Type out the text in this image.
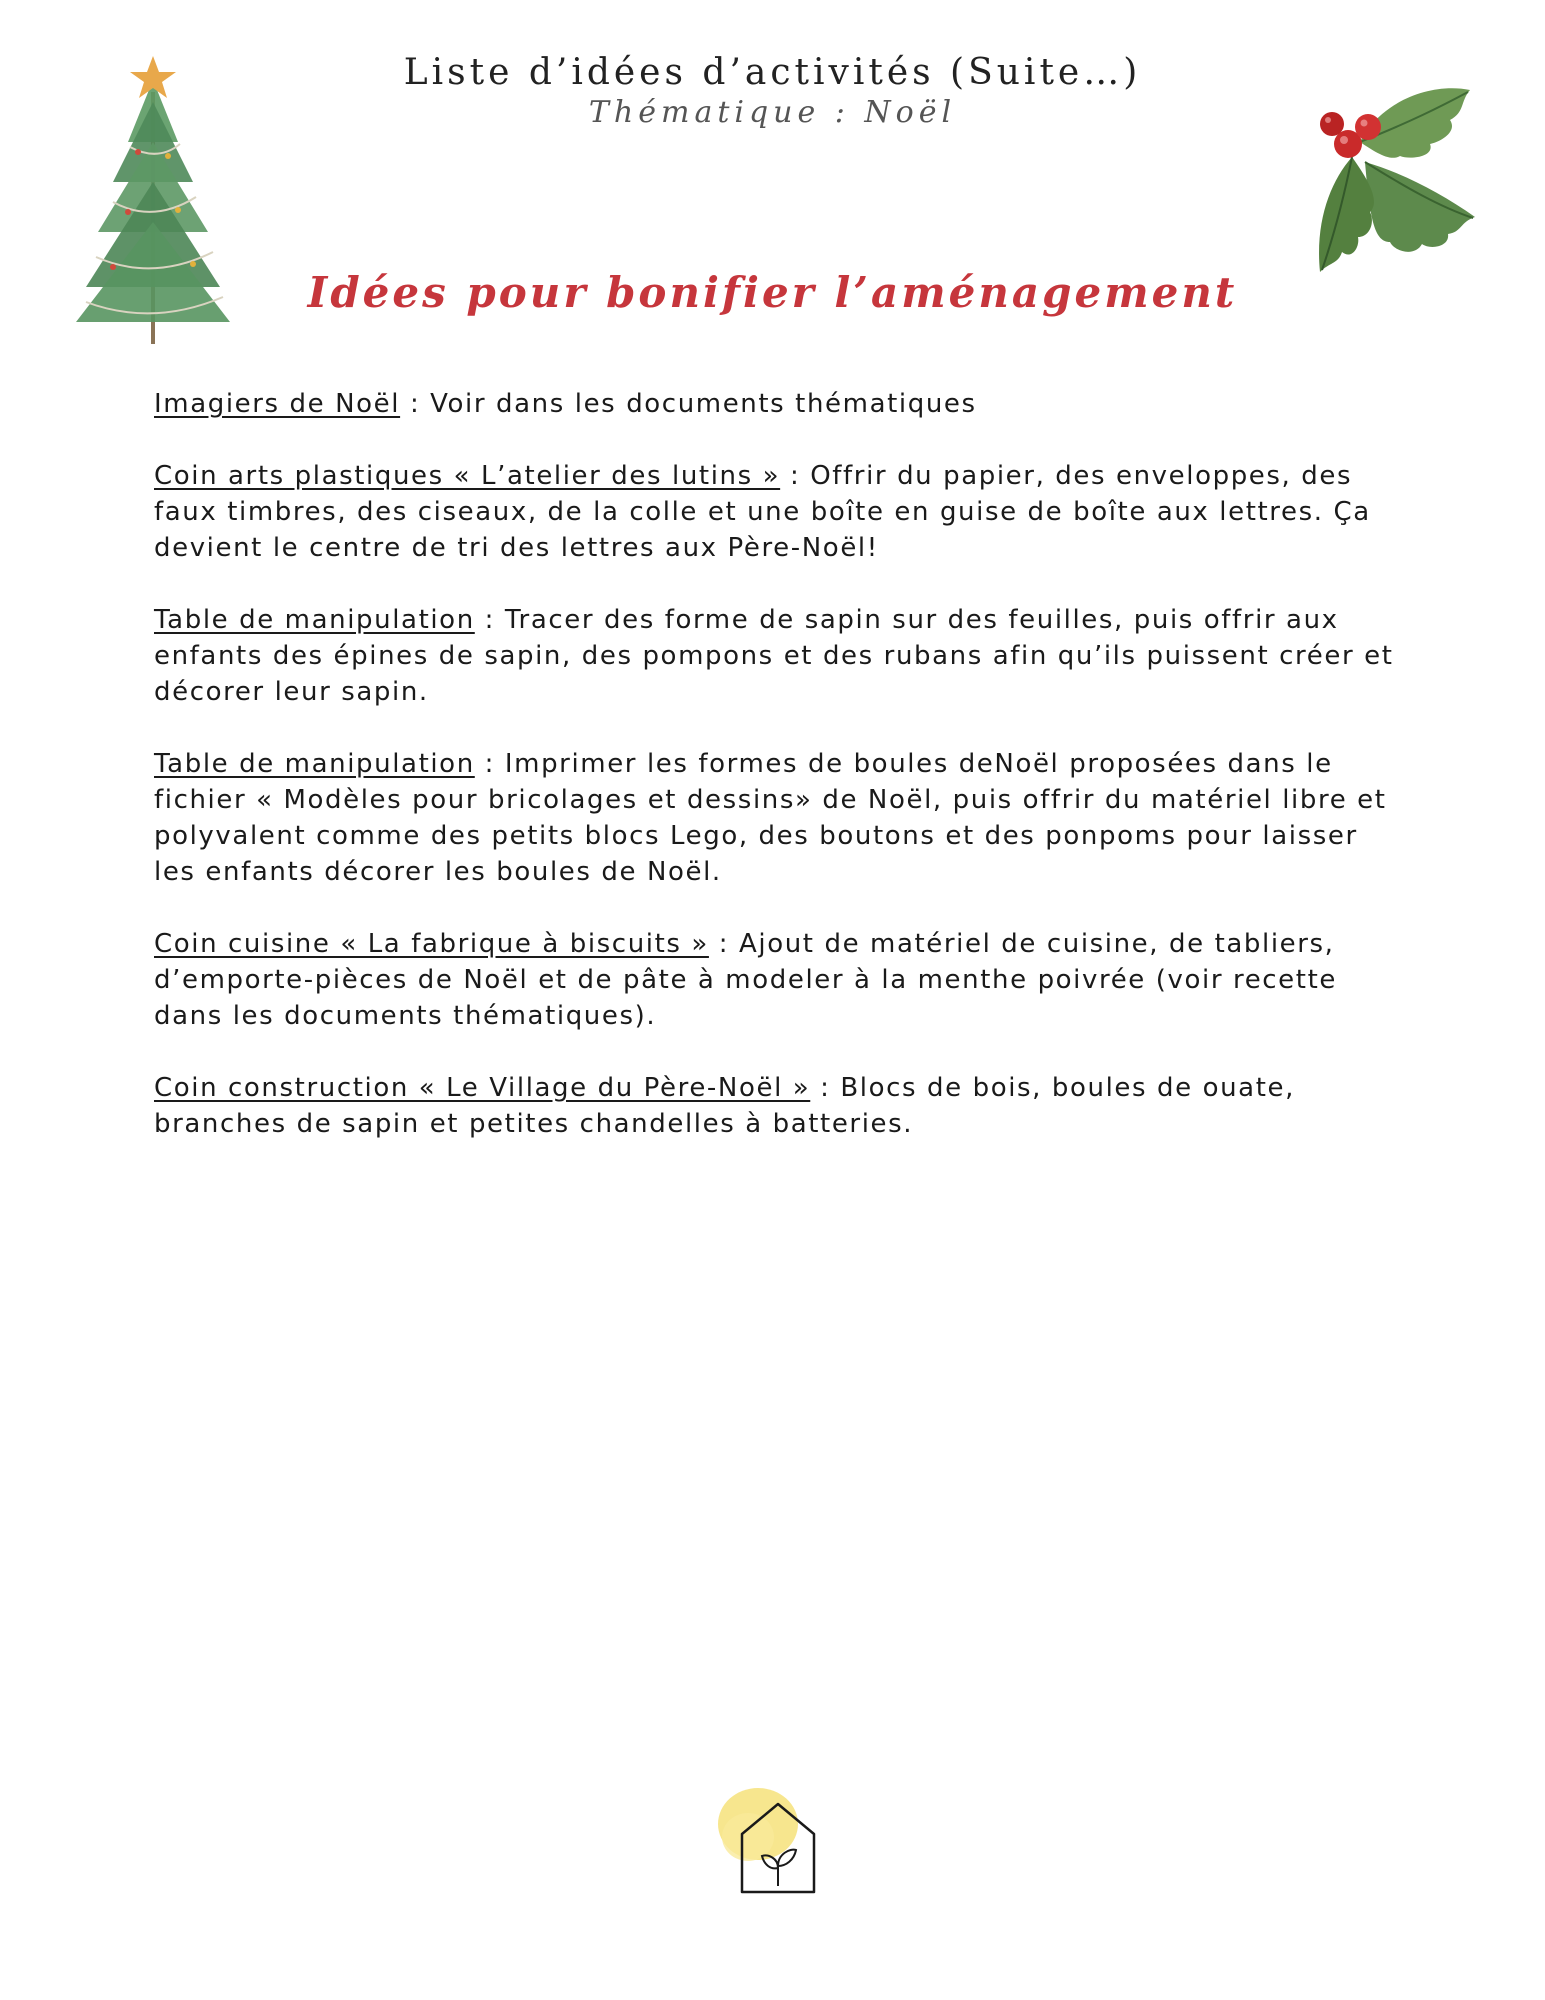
Liste d’idées d’activités (Suite…)
Thématique : Noël
Idées pour bonifier l’aménagement

Imagiers de Noël : Voir dans les documents thématiques

Coin arts plastiques « L’atelier des lutins » : Offrir du papier, des enveloppes, des faux timbres, des ciseaux, de la colle et une boîte en guise de boîte aux lettres. Ça devient le centre de tri des lettres aux Père-Noël!

Table de manipulation : Tracer des forme de sapin sur des feuilles, puis offrir aux enfants des épines de sapin, des pompons et des rubans afin qu’ils puissent créer et décorer leur sapin.

Table de manipulation : Imprimer les formes de boules deNoël proposées dans le fichier « Modèles pour bricolages et dessins» de Noël, puis offrir du matériel libre et polyvalent comme des petits blocs Lego, des boutons et des ponpoms pour laisser les enfants décorer les boules de Noël.

Coin cuisine « La fabrique à biscuits » : Ajout de matériel de cuisine, de tabliers, d’emporte-pièces de Noël et de pâte à modeler à la menthe poivrée (voir recette dans les documents thématiques).

Coin construction « Le Village du Père-Noël » : Blocs de bois, boules de ouate, branches de sapin et petites chandelles à batteries.
